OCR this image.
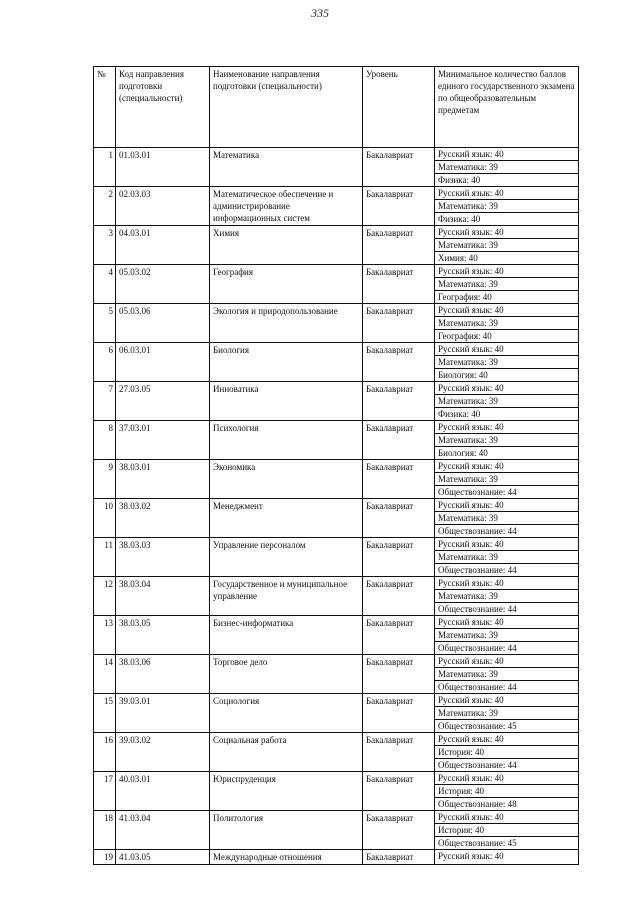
335
№	Код направления подготовки (специальности)	Наименование направления подготовки (специальности)	Уровень	Минимальное количество баллов единого государственного экзамена по общеобразовательным предметам
1	01.03.01	Математика	Бакалавриат	Русский язык: 40
Математика: 39
Физика: 40

2	02.03.03	Математическое обеспечение и администрирование информационных систем	Бакалавриат	Русский язык: 40
Математика: 39
Физика: 40

3	04.03.01	Химия	Бакалавриат	Русский язык: 40
Математика: 39
Химия: 40

4	05.03.02	География	Бакалавриат	Русский язык: 40
Математика: 39
География: 40

5	05.03.06	Экология и природопользование	Бакалавриат	Русский язык: 40
Математика: 39
География: 40

6	06.03.01	Биология	Бакалавриат	Русский язык: 40
Математика: 39
Биология: 40

7	27.03.05	Инноватика	Бакалавриат	Русский язык: 40
Математика: 39
Физика: 40

8	37.03.01	Психология	Бакалавриат	Русский язык: 40
Математика: 39
Биология: 40

9	38.03.01	Экономика	Бакалавриат	Русский язык: 40
Математика: 39
Обществознание: 44

10	38.03.02	Менеджмент	Бакалавриат	Русский язык: 40
Математика: 39
Обществознание: 44

11	38.03.03	Управление персоналом	Бакалавриат	Русский язык: 40
Математика: 39
Обществознание: 44

12	38.03.04	Государственное и муниципальное управление	Бакалавриат	Русский язык: 40
Математика: 39
Обществознание: 44

13	38.03.05	Бизнес-информатика	Бакалавриат	Русский язык: 40
Математика: 39
Обществознание: 44

14	38.03.06	Торговое дело	Бакалавриат	Русский язык: 40
Математика: 39
Обществознание: 44

15	39.03.01	Социология	Бакалавриат	Русский язык: 40
Математика: 39
Обществознание: 45

16	39.03.02	Социальная работа	Бакалавриат	Русский язык: 40
История: 40
Обществознание: 44

17	40.03.01	Юриспруденция	Бакалавриат	Русский язык: 40
История: 40
Обществознание: 48

18	41.03.04	Политология	Бакалавриат	Русский язык: 40
История: 40
Обществознание: 45

19	41.03.05	Международные отношения	Бакалавриат	Русский язык: 40
